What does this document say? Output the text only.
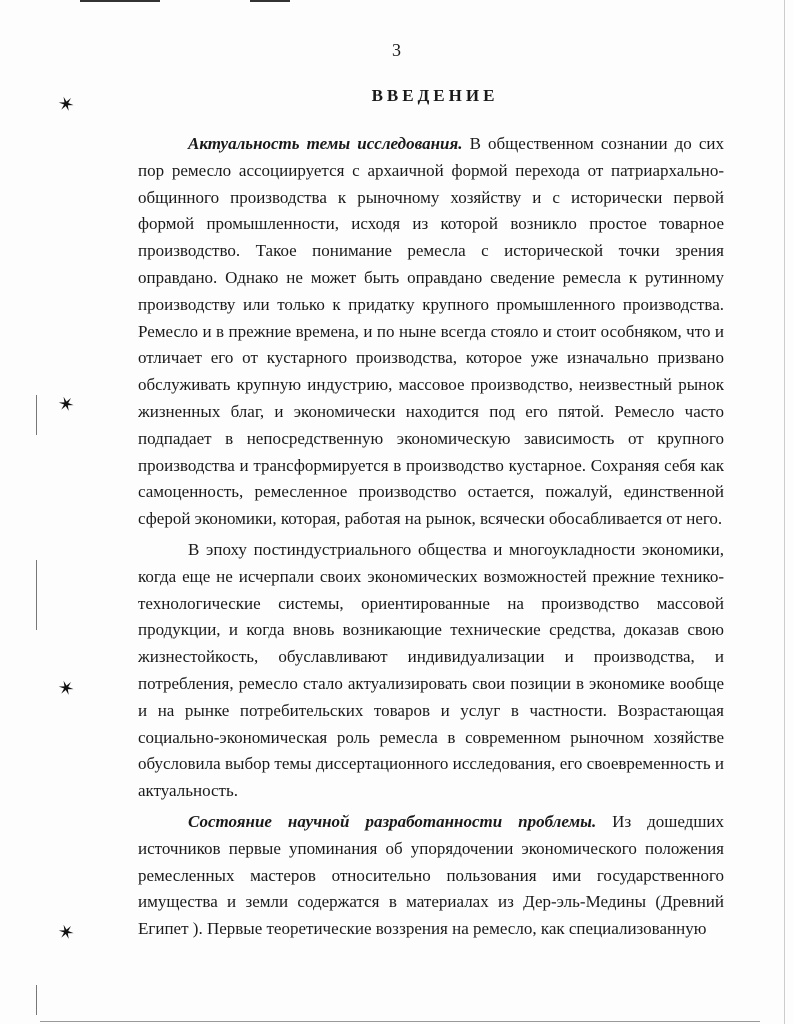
3
ВВЕДЕНИЕ
✶
✶
✶
✶

Актуальность темы исследования. В общественном сознании до сих пор ремесло ассоциируется с архаичной формой перехода от патриархально-общинного производства к рыночному хозяйству и с исторически первой формой промышленности, исходя из которой возникло простое товарное производство. Такое понимание ремесла с исторической точки зрения оправдано. Однако не может быть оправдано сведение ремесла к рутинному производству или только к придатку крупного промышленного производства. Ремесло и в прежние времена, и по ныне всегда стояло и стоит особняком, что и отличает его от кустарного производства, которое уже изначально призвано обслуживать крупную индустрию, массовое производство, неизвестный рынок жизненных благ, и экономически находится под его пятой. Ремесло часто подпадает в непосредственную экономическую зависимость от крупного производства и трансформируется в производство кустарное. Сохраняя себя как самоценность, ремесленное производство остается, пожалуй, единственной сферой экономики, которая, работая на рынок, всячески обосабливается от него.

В эпоху постиндустриального общества и многоукладности экономики, когда еще не исчерпали своих экономических возможностей прежние технико-технологические системы, ориентированные на производство массовой продукции, и когда вновь возникающие технические средства, доказав свою жизнестойкость, обуславливают индивидуализации и производства, и потребления, ремесло стало актуализировать свои позиции в экономике вообще и на рынке потребительских товаров и услуг в частности. Возрастающая социально-экономическая роль ремесла в современном рыночном хозяйстве обусловила выбор темы диссертационного исследования, его своевременность и актуальность.

Состояние научной разработанности проблемы. Из дошедших источников первые упоминания об упорядочении экономического положения ремесленных мастеров относительно пользования ими государственного имущества и земли содержатся в материалах из Дер-эль-Медины (Древний Египет ). Первые теоретические воззрения на ремесло, как специализованную
